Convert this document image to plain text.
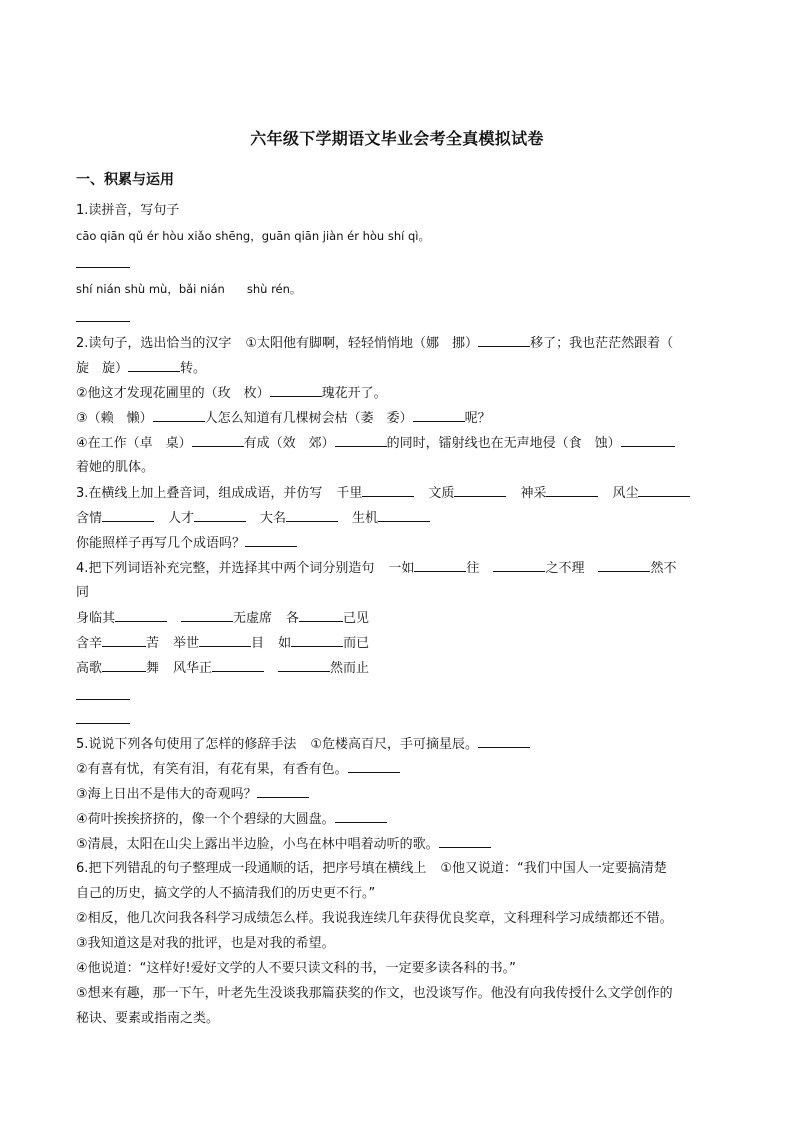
六年级下学期语文毕业会考全真模拟试卷
一、积累与运用
1.读拼音，写句子
cāo qiān qǔ ér hòu xiǎo shēng，guān qiān jiàn ér hòu shí qì。
shí nián shù mù，bǎi nián shù rén。
2.读句子，选出恰当的汉字 ①太阳他有脚啊，轻轻悄悄地（娜　挪）	移了；我也茫茫然跟着（
旋　旋）	转。
②他这才发现花圃里的（玫　枚）	瑰花开了。
③（赖　懒）	人怎么知道有几棵树会枯（萎　委）	呢？
④在工作（卓　桌）	有成（效　郊）	的同时，镭射线也在无声地侵（食　蚀）
着她的肌体。
3.在横线上加上叠音词，组成成语，并仿写 千里	文质	神采	风尘
含情	人才	大名	生机
你能照样子再写几个成语吗？
4.把下列词语补充完整，并选择其中两个词分别造句 一如	往	之不理	然不
同
身临其	无虚席 各	己见
含辛	苦 举世	目 如	而已
高歌	舞 风华正	然而止
5.说说下列各句使用了怎样的修辞手法 ①危楼高百尺，手可摘星辰。
②有喜有忧，有笑有泪，有花有果，有香有色。
③海上日出不是伟大的奇观吗？
④荷叶挨挨挤挤的，像一个个碧绿的大圆盘。
⑤清晨，太阳在山尖上露出半边脸，小鸟在林中唱着动听的歌。
6.把下列错乱的句子整理成一段通顺的话，把序号填在横线上 ①他又说道：“我们中国人一定要搞清楚
自己的历史，搞文学的人不搞清我们的历史更不行。”
②相反，他几次问我各科学习成绩怎么样。我说我连续几年获得优良奖章，文科理科学习成绩都还不错。
③我知道这是对我的批评，也是对我的希望。
④他说道：“这样好!爱好文学的人不要只读文科的书，一定要多读各科的书。”
⑤想来有趣，那一下午，叶老先生没谈我那篇获奖的作文，也没谈写作。他没有向我传授什么文学创作的
秘诀、要素或指南之类。
